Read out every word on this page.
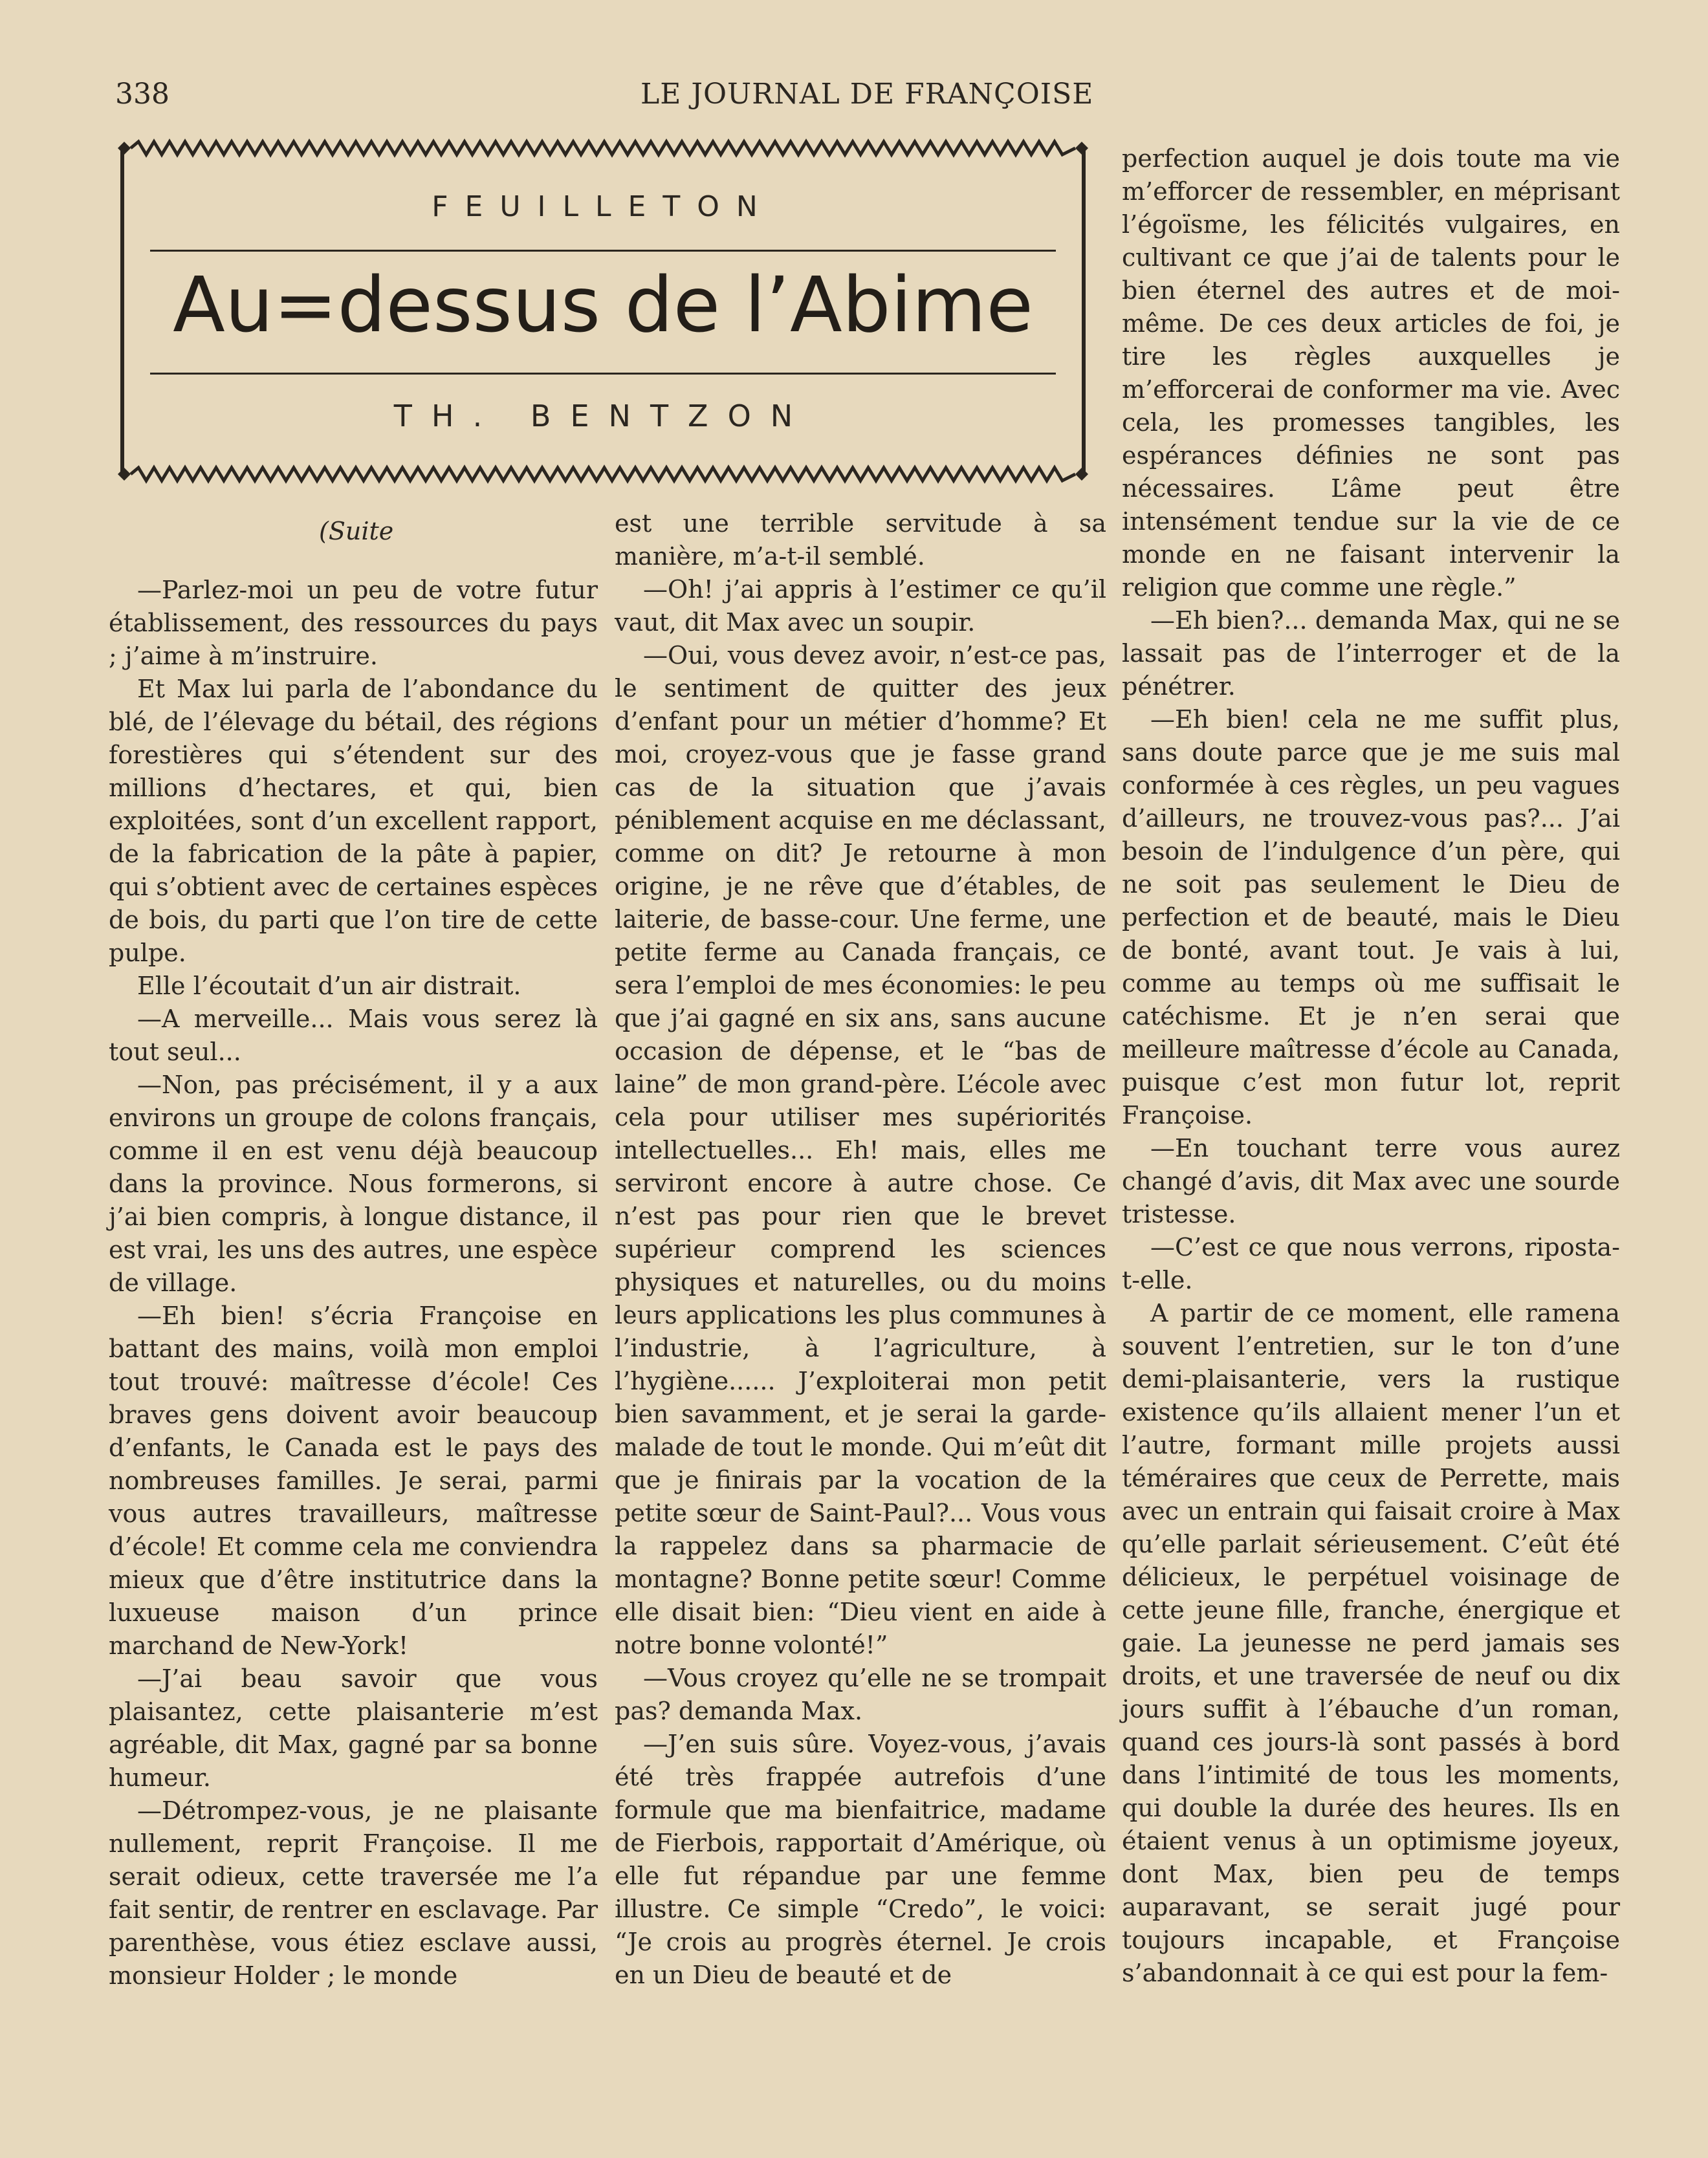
338	LE JOURNAL DE FRANÇOISE
FEUILLETON
Au=dessus de l’Abime
TH. BENTZON
(Suite

—Parlez-moi un peu de votre futur établissement, des ressources du pays ; j’aime à m’instruire.

Et Max lui parla de l’abondance du blé, de l’élevage du bétail, des régions forestières qui s’étendent sur des millions d’hectares, et qui, bien exploitées, sont d’un excellent rapport, de la fabrication de la pâte à papier, qui s’obtient avec de certaines espèces de bois, du parti que l’on tire de cette pulpe.

Elle l’écoutait d’un air distrait.

—A merveille... Mais vous serez là tout seul...

—Non, pas précisément, il y a aux environs un groupe de colons français, comme il en est venu déjà beaucoup dans la province. Nous formerons, si j’ai bien compris, à longue distance, il est vrai, les uns des autres, une espèce de village.

—Eh bien! s’écria Françoise en battant des mains, voilà mon emploi tout trouvé: maîtresse d’école! Ces braves gens doivent avoir beaucoup d’enfants, le Canada est le pays des nombreuses familles. Je serai, parmi vous autres travailleurs, maîtresse d’école! Et comme cela me conviendra mieux que d’être institutrice dans la luxueuse maison d’un prince marchand de New-York!

—J’ai beau savoir que vous plaisantez, cette plaisanterie m’est agréable, dit Max, gagné par sa bonne humeur.

—Détrompez-vous, je ne plaisante nullement, reprit Françoise. Il me serait odieux, cette traversée me l’a fait sentir, de rentrer en esclavage. Par parenthèse, vous étiez esclave aussi, monsieur Holder ; le monde

est une terrible servitude à sa manière, m’a-t-il semblé.

—Oh! j’ai appris à l’estimer ce qu’il vaut, dit Max avec un soupir.

—Oui, vous devez avoir, n’est-ce pas, le sentiment de quitter des jeux d’enfant pour un métier d’homme? Et moi, croyez-vous que je fasse grand cas de la situation que j’avais péniblement acquise en me déclassant, comme on dit? Je retourne à mon origine, je ne rêve que d’étables, de laiterie, de basse-cour. Une ferme, une petite ferme au Canada français, ce sera l’emploi de mes économies: le peu que j’ai gagné en six ans, sans aucune occasion de dépense, et le “bas de laine” de mon grand-père. L’école avec cela pour utiliser mes supériorités intellectuelles... Eh! mais, elles me serviront encore à autre chose. Ce n’est pas pour rien que le brevet supérieur comprend les sciences physiques et naturelles, ou du moins leurs applications les plus communes à l’industrie, à l’agriculture, à l’hygiène...... J’exploiterai mon petit bien savamment, et je serai la garde-malade de tout le monde. Qui m’eût dit que je finirais par la vocation de la petite sœur de Saint-Paul?... Vous vous la rappelez dans sa pharmacie de montagne? Bonne petite sœur! Comme elle disait bien: “Dieu vient en aide à notre bonne volonté!”

—Vous croyez qu’elle ne se trompait pas? demanda Max.

—J’en suis sûre. Voyez-vous, j’avais été très frappée autrefois d’une formule que ma bienfaitrice, madame de Fierbois, rapportait d’Amérique, où elle fut répandue par une femme illustre. Ce simple “Credo”, le voici: “Je crois au progrès éternel. Je crois en un Dieu de beauté et de

perfection auquel je dois toute ma vie m’efforcer de ressembler, en méprisant l’égoïsme, les félicités vulgaires, en cultivant ce que j’ai de talents pour le bien éternel des autres et de moi-même. De ces deux articles de foi, je tire les règles auxquelles je m’efforcerai de conformer ma vie. Avec cela, les promesses tangibles, les espérances définies ne sont pas nécessaires. L’âme peut être intensément tendue sur la vie de ce monde en ne faisant intervenir la religion que comme une règle.”

—Eh bien?... demanda Max, qui ne se lassait pas de l’interroger et de la pénétrer.

—Eh bien! cela ne me suffit plus, sans doute parce que je me suis mal conformée à ces règles, un peu vagues d’ailleurs, ne trouvez-vous pas?... J’ai besoin de l’indulgence d’un père, qui ne soit pas seulement le Dieu de perfection et de beauté, mais le Dieu de bonté, avant tout. Je vais à lui, comme au temps où me suffisait le catéchisme. Et je n’en serai que meilleure maîtresse d’école au Canada, puisque c’est mon futur lot, reprit Françoise.

—En touchant terre vous aurez changé d’avis, dit Max avec une sourde tristesse.

—C’est ce que nous verrons, riposta-t-elle.

A partir de ce moment, elle ramena souvent l’entretien, sur le ton d’une demi-plaisanterie, vers la rustique existence qu’ils allaient mener l’un et l’autre, formant mille projets aussi téméraires que ceux de Perrette, mais avec un entrain qui faisait croire à Max qu’elle parlait sérieusement. C’eût été délicieux, le perpétuel voisinage de cette jeune fille, franche, énergique et gaie. La jeunesse ne perd jamais ses droits, et une traversée de neuf ou dix jours suffit à l’ébauche d’un roman, quand ces jours-là sont passés à bord dans l’intimité de tous les moments, qui double la durée des heures. Ils en étaient venus à un optimisme joyeux, dont Max, bien peu de temps auparavant, se serait jugé pour toujours incapable, et Françoise s’abandonnait à ce qui est pour la fem-
